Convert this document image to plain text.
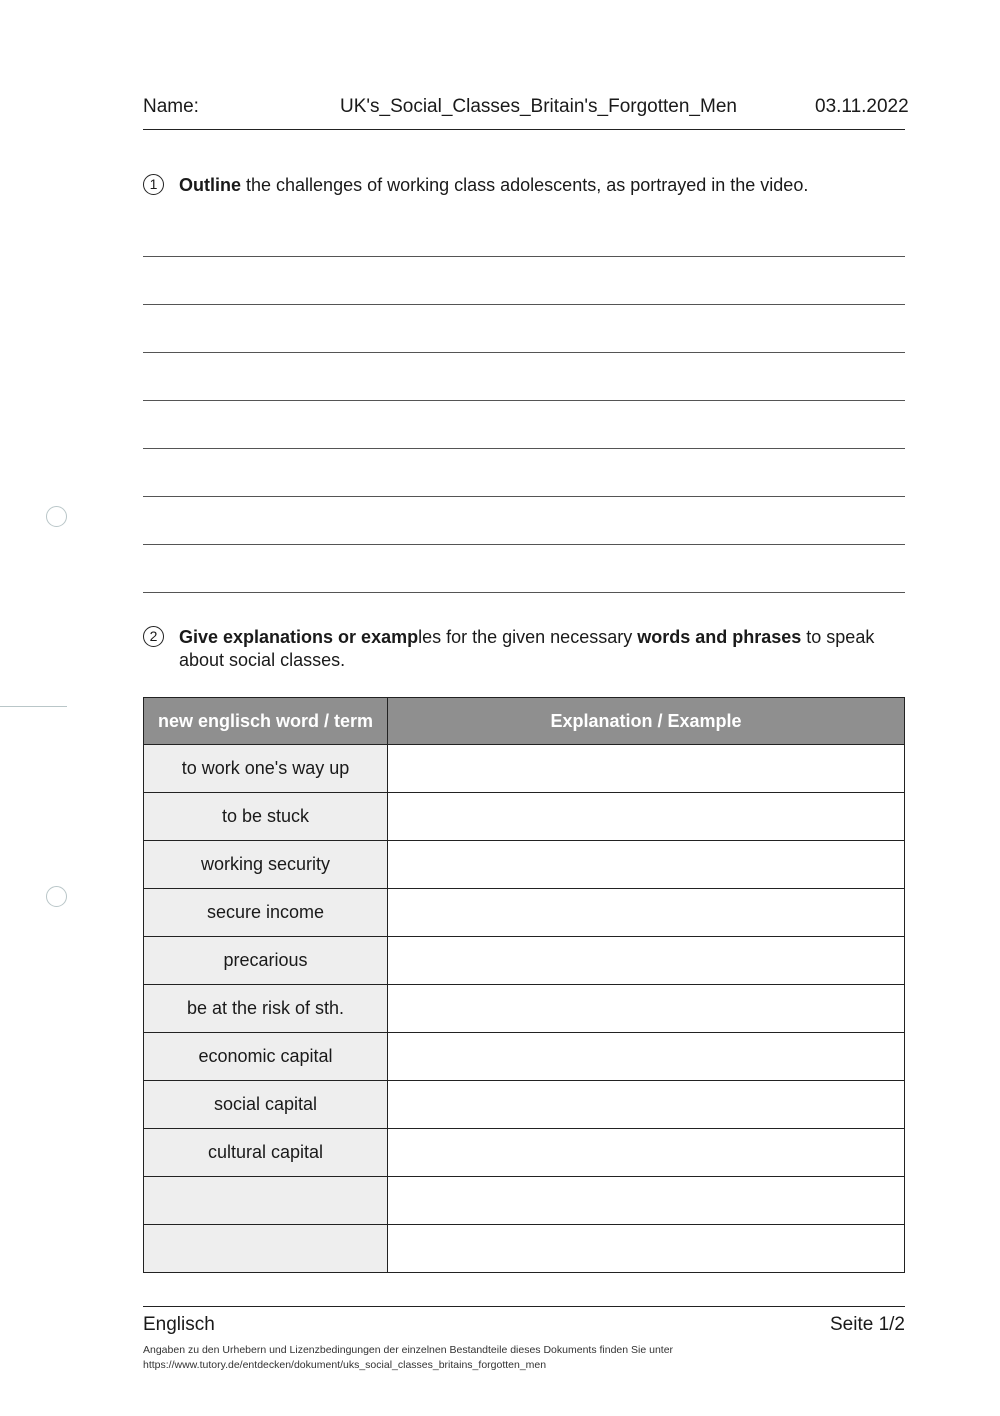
Name:	UK's_Social_Classes_Britain's_Forgotten_Men	03.11.2022
1	Outline the challenges of working class adolescents, as portrayed in the video.
2	Give explanations or examples for the given necessary words and phrases to speak about social classes.
new englisch word / term	Explanation / Example
to work one's way up	
to be stuck	
working security	
secure income	
precarious	
be at the risk of sth.	
economic capital	
social capital	
cultural capital	

Englisch	Seite 1/2
Angaben zu den Urhebern und Lizenzbedingungen der einzelnen Bestandteile dieses Dokuments finden Sie unter
https://www.tutory.de/entdecken/dokument/uks_social_classes_britains_forgotten_men
